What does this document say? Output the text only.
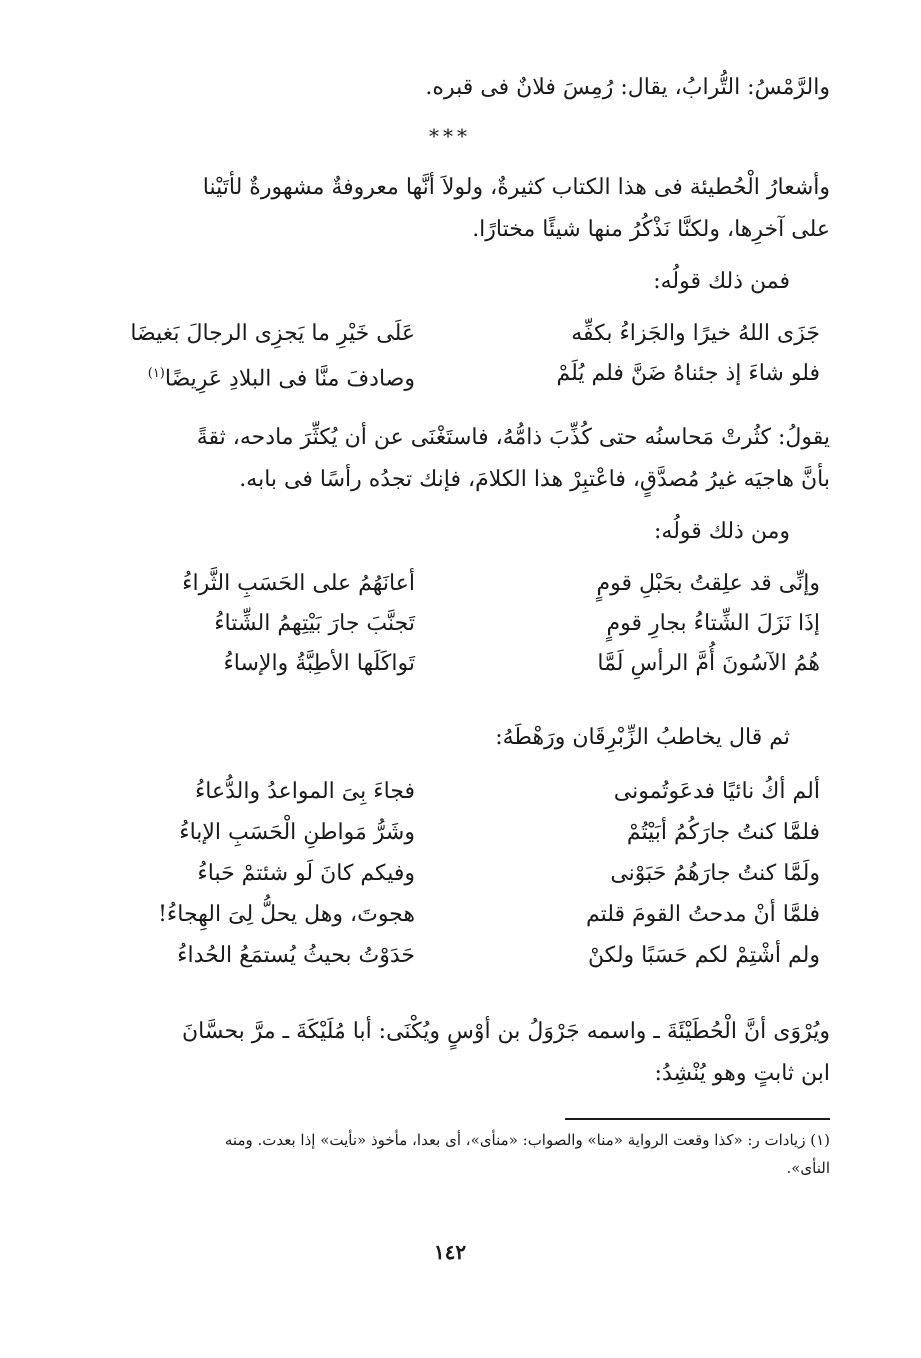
والرَّمْسُ: التُّرابُ، يقال: رُمِسَ فلانٌ فى قبره.
***
وأشعارُ الْحُطيئة فى هذا الكتاب كثيرةٌ، ولولاَ أنَّها معروفةٌ مشهورةٌ لأتَيْنا
على آخرِها، ولكنَّا نَذْكُرُ منها شيئًا مختارًا.
فمن ذلك قولُه:
جَزَى اللهُ خيرًا والجَزاءُ بكفِّه
عَلَى خَيْرِ ما يَجزِى الرجالَ بَغيضَا
فلو شاءَ إذ جئناهُ ضَنَّ فلم يُلَمْ
وصادفَ منَّا فى البلادِ عَرِيضًا$^{(١)}$
يقولُ: كثُرتْ مَحاسنُه حتى كُذِّبَ ذامُّهُ، فاستَغْنَى عن أن يُكثِّرَ مادحه، ثقةً
بأنَّ هاجيَه غيرُ مُصدَّقٍ، فاعْتبِرْ هذا الكلامَ، فإنك تجدُه رأسًا فى بابه.
ومن ذلك قولُه:
وإنِّى قد علِقتُ بحَبْلِ قومٍ
أعانَهُمُ على الحَسَبِ الثَّراءُ
إذَا نَزَلَ الشِّتاءُ بجارِ قومٍ
تَجنَّبَ جارَ بَيْتِهمُ الشِّتاءُ
هُمُ الآسُونَ أُمَّ الرأسِ لَمَّا
تَواكَلَها الأطِبَّةُ والإساءُ
ثم قال يخاطبُ الزِّبْرِقَان ورَهْطَهُ:
ألم أكُ نائيًا فدعَوتُمونى
فجاءَ بِىَ المواعدُ والدُّعاءُ
فلمَّا كنتُ جارَكُمُ أبَيْتُمْ
وشَرُّ مَواطنِ الْحَسَبِ الإباءُ
ولَمَّا كنتُ جارَهُمُ حَبَوْنى
وفيكم كانَ لَو شئتمْ حَباءُ
فلمَّا أنْ مدحتُ القومَ قلتم
هجوتَ، وهل يحلُّ لِىَ الهِجاءُ!
ولم أشْتِمْ لكم حَسَبًا ولكنْ
حَدَوْتُ بحيثُ يُستمَعُ الحُداءُ
ويُرْوَى أنَّ الْحُطَيْئَةَ ـ واسمه جَرْوَلُ بن أوْسٍ ويُكْنَى: أبا مُلَيْكَةَ ـ مرَّ بحسَّانَ
ابن ثابتٍ وهو يُنْشِدُ:
(١) زيادات ر: «كذا وقعت الرواية «منا» والصواب: «منأى»، أى بعدا، مأخوذ «نأيت» إذا بعدت. ومنه
النأى».
١٤٢
